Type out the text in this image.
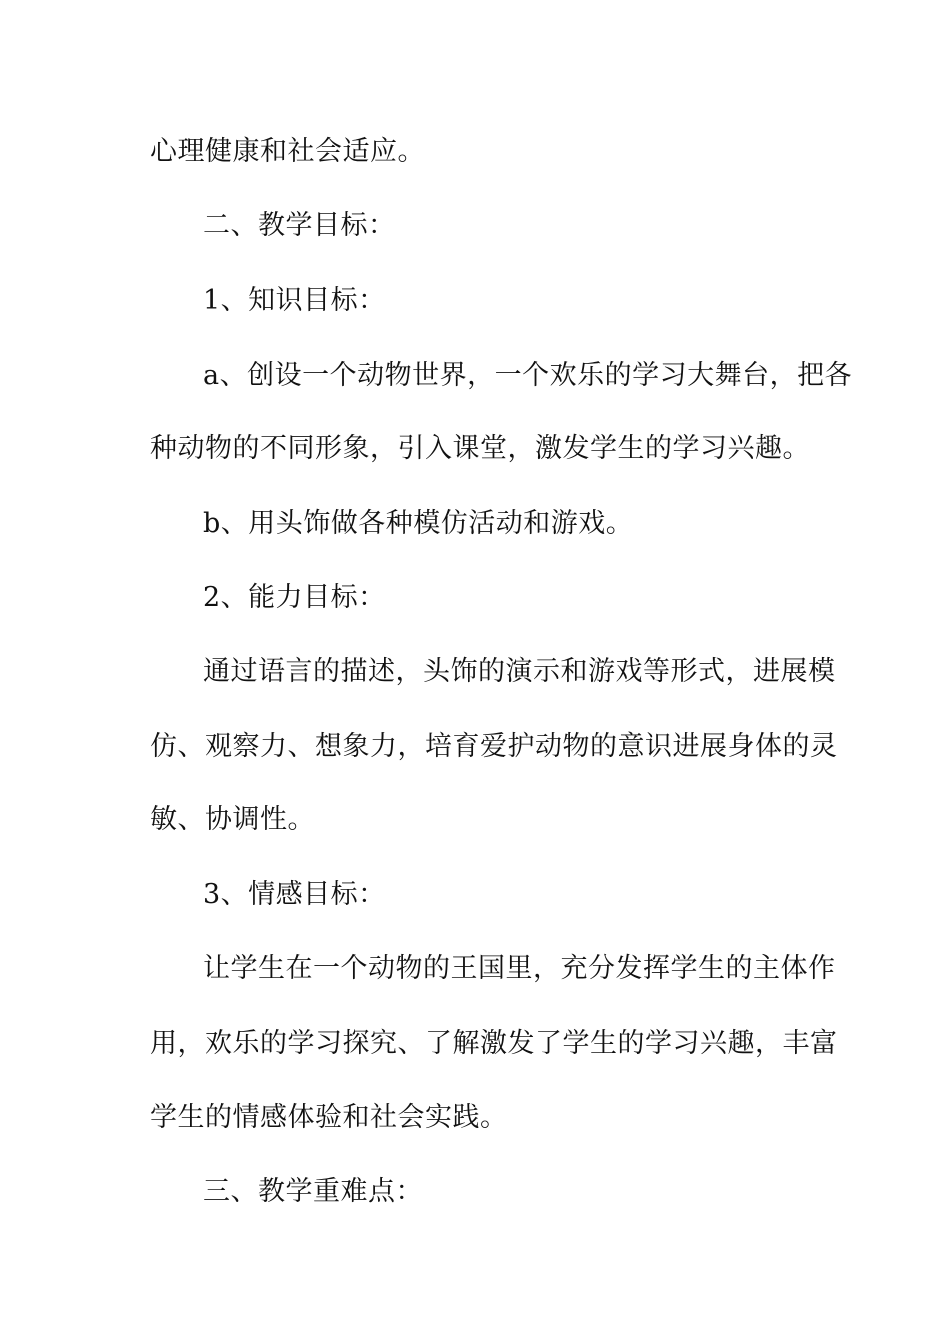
心理健康和社会适应。
二、教学目标：
1、知识目标：
a、创设一个动物世界，一个欢乐的学习大舞台，把各
种动物的不同形象，引入课堂，激发学生的学习兴趣。
b、用头饰做各种模仿活动和游戏。
2、能力目标：
通过语言的描述，头饰的演示和游戏等形式，进展模
仿、观察力、想象力，培育爱护动物的意识进展身体的灵
敏、协调性。
3、情感目标：
让学生在一个动物的王国里，充分发挥学生的主体作
用，欢乐的学习探究、了解激发了学生的学习兴趣，丰富
学生的情感体验和社会实践。
三、教学重难点：
